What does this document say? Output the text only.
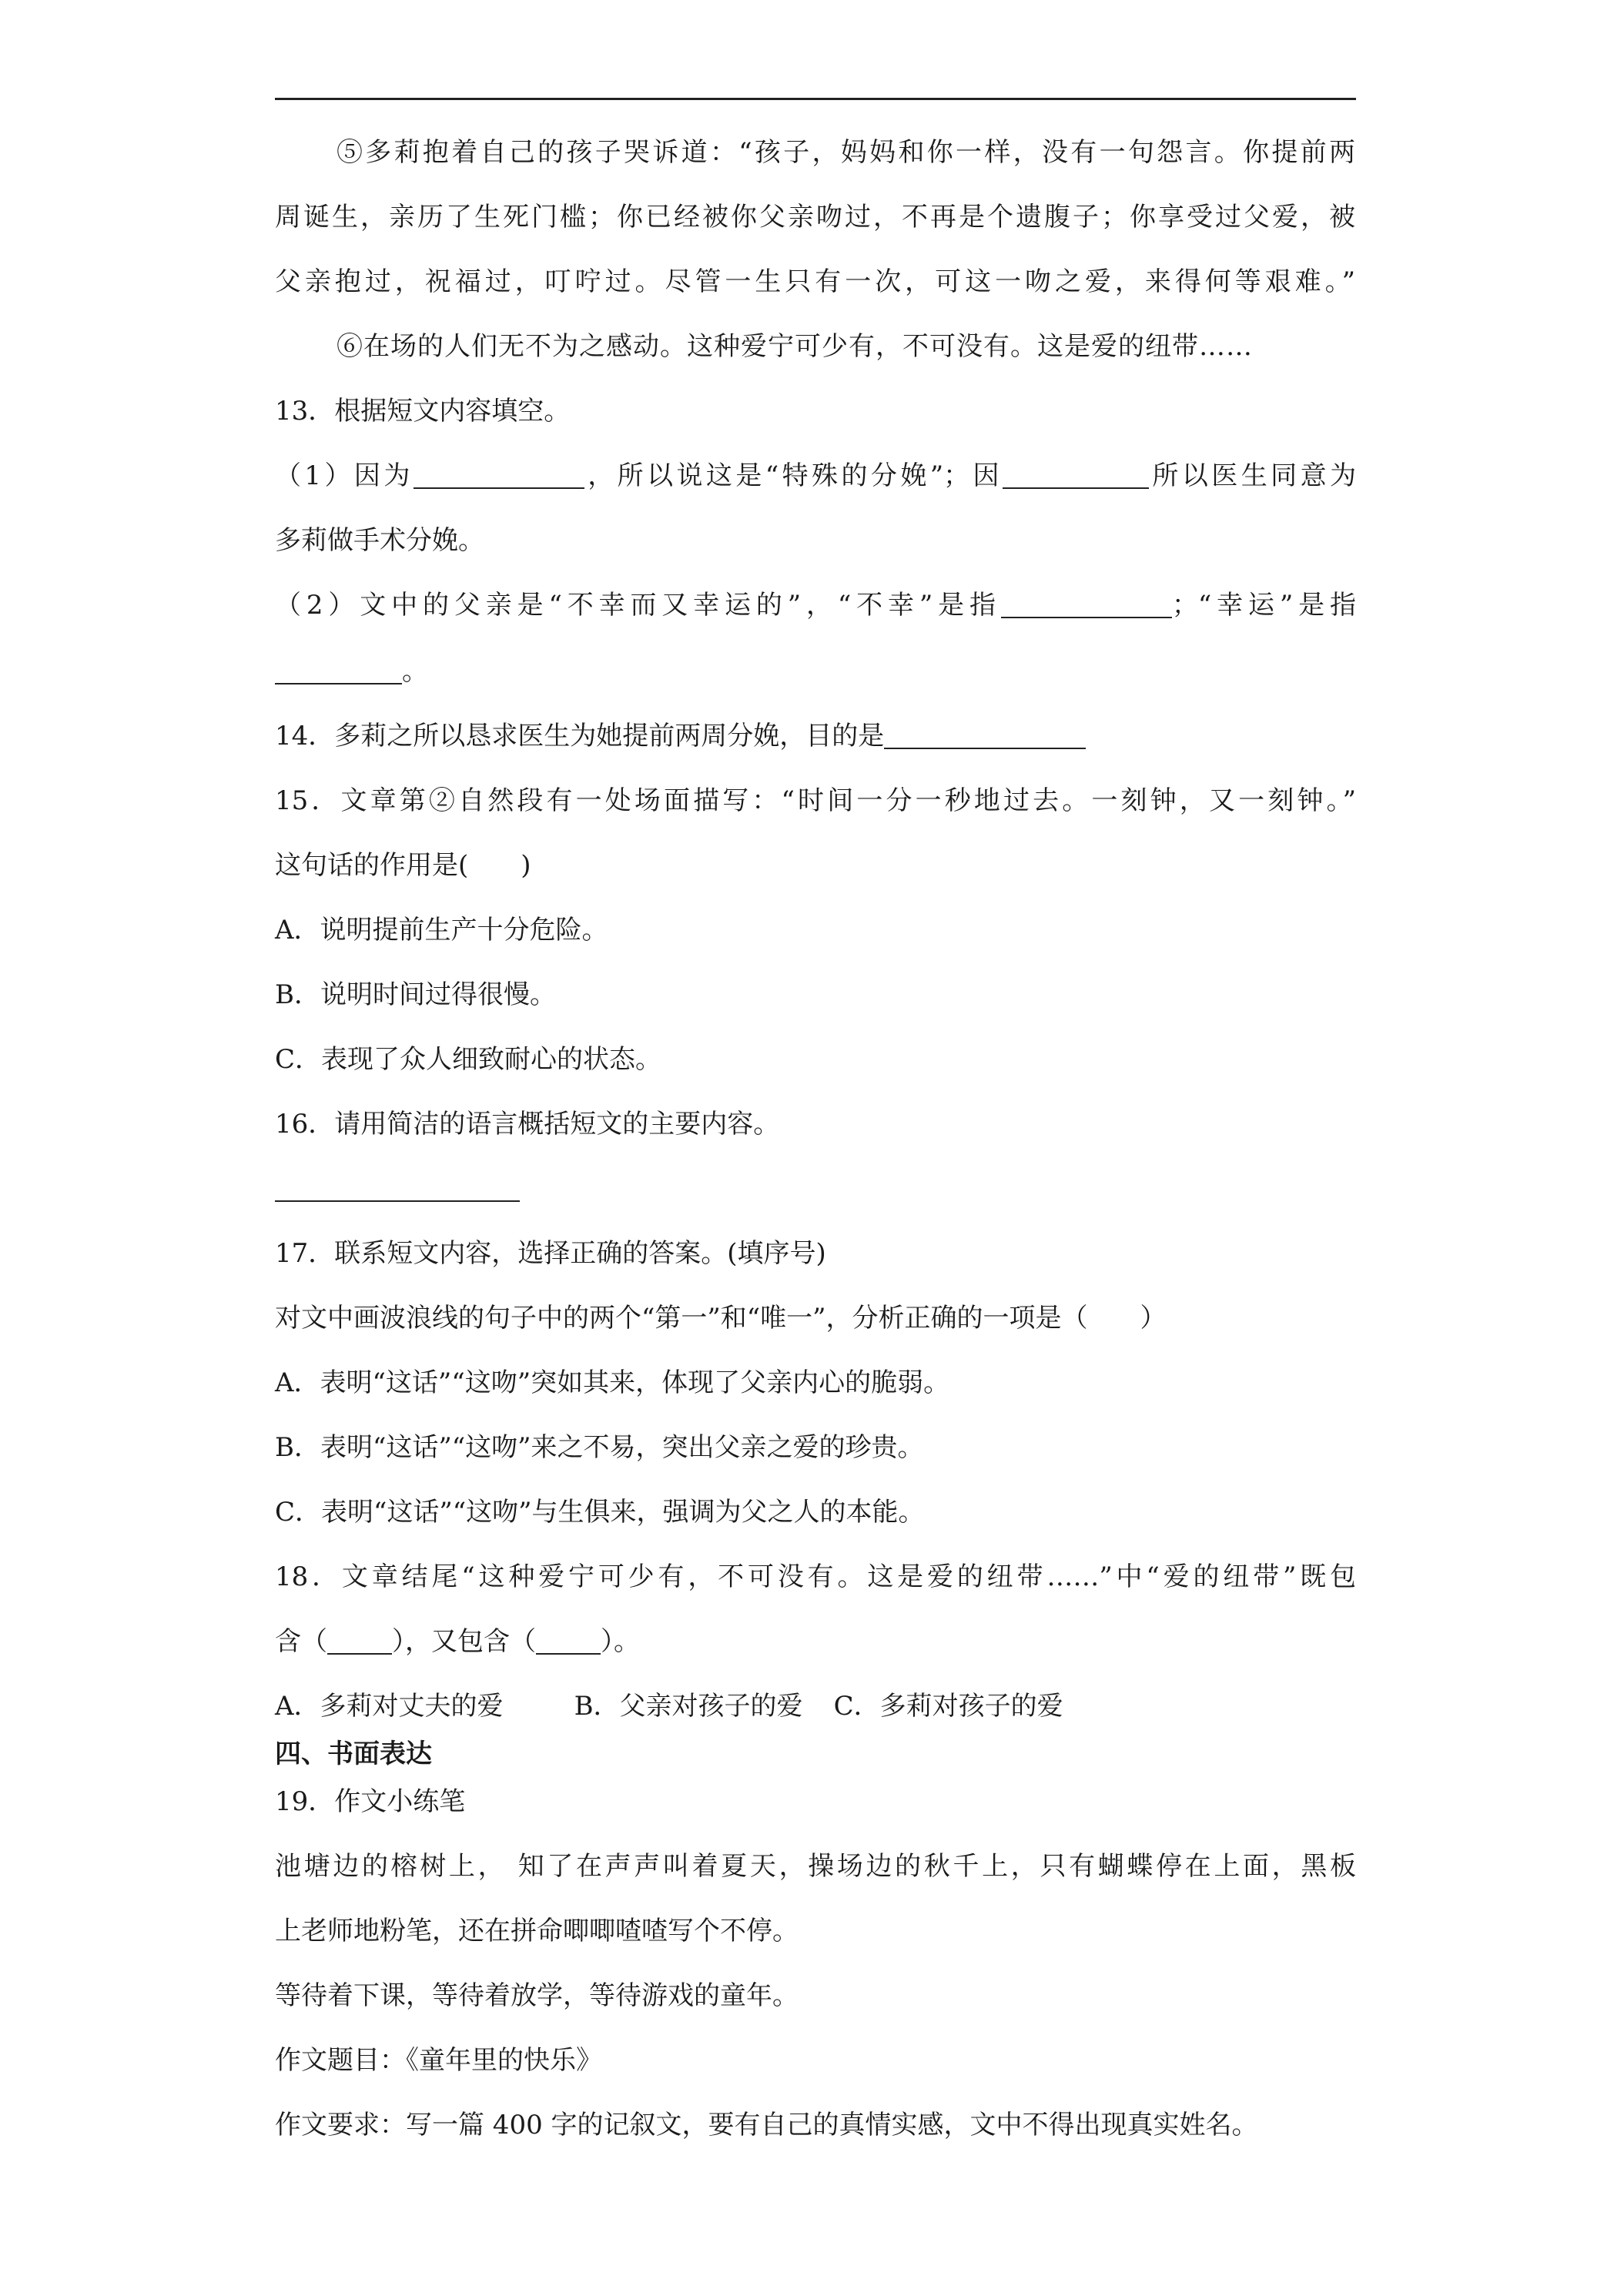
⑤多莉抱着自己的孩子哭诉道：“孩子，妈妈和你一样，没有一句怨言。你提前两
周诞生，亲历了生死门槛；你已经被你父亲吻过，不再是个遗腹子；你享受过父爱，被
父亲抱过，祝福过，叮咛过。尽管一生只有一次，可这一吻之爱，来得何等艰难。”
⑥在场的人们无不为之感动。这种爱宁可少有，不可没有。这是爱的纽带……
13．根据短文内容填空。
（1）因为	，所以说这是“特殊的分娩”；因	所以医生同意为
多莉做手术分娩。
（2）文中的父亲是“不幸而又幸运的”，“不幸”是指	；“幸运”是指
。
14．多莉之所以恳求医生为她提前两周分娩，目的是
15．文章第②自然段有一处场面描写：“时间一分一秒地过去。一刻钟，又一刻钟。”
这句话的作用是(　　)
A．说明提前生产十分危险。
B．说明时间过得很慢。
C．表现了众人细致耐心的状态。
16．请用简洁的语言概括短文的主要内容。
17．联系短文内容，选择正确的答案。(填序号)
对文中画波浪线的句子中的两个“第一”和“唯一”，分析正确的一项是（　　）
A．表明“这话”“这吻”突如其来，体现了父亲内心的脆弱。
B．表明“这话”“这吻”来之不易，突出父亲之爱的珍贵。
C．表明“这话”“这吻”与生俱来，强调为父之人的本能。
18．文章结尾“这种爱宁可少有，不可没有。这是爱的纽带……”中“爱的纽带”既包
含（ ），又包含（ ）。
A．多莉对丈夫的爱	B．父亲对孩子的爱 C．多莉对孩子的爱
四、书面表达
19．作文小练笔
池塘边的榕树上， 知了在声声叫着夏天，操场边的秋千上，只有蝴蝶停在上面，黑板
上老师地粉笔，还在拼命唧唧喳喳写个不停。
等待着下课，等待着放学，等待游戏的童年。
作文题目：《童年里的快乐》
作文要求：写一篇 400 字的记叙文，要有自己的真情实感，文中不得出现真实姓名。
